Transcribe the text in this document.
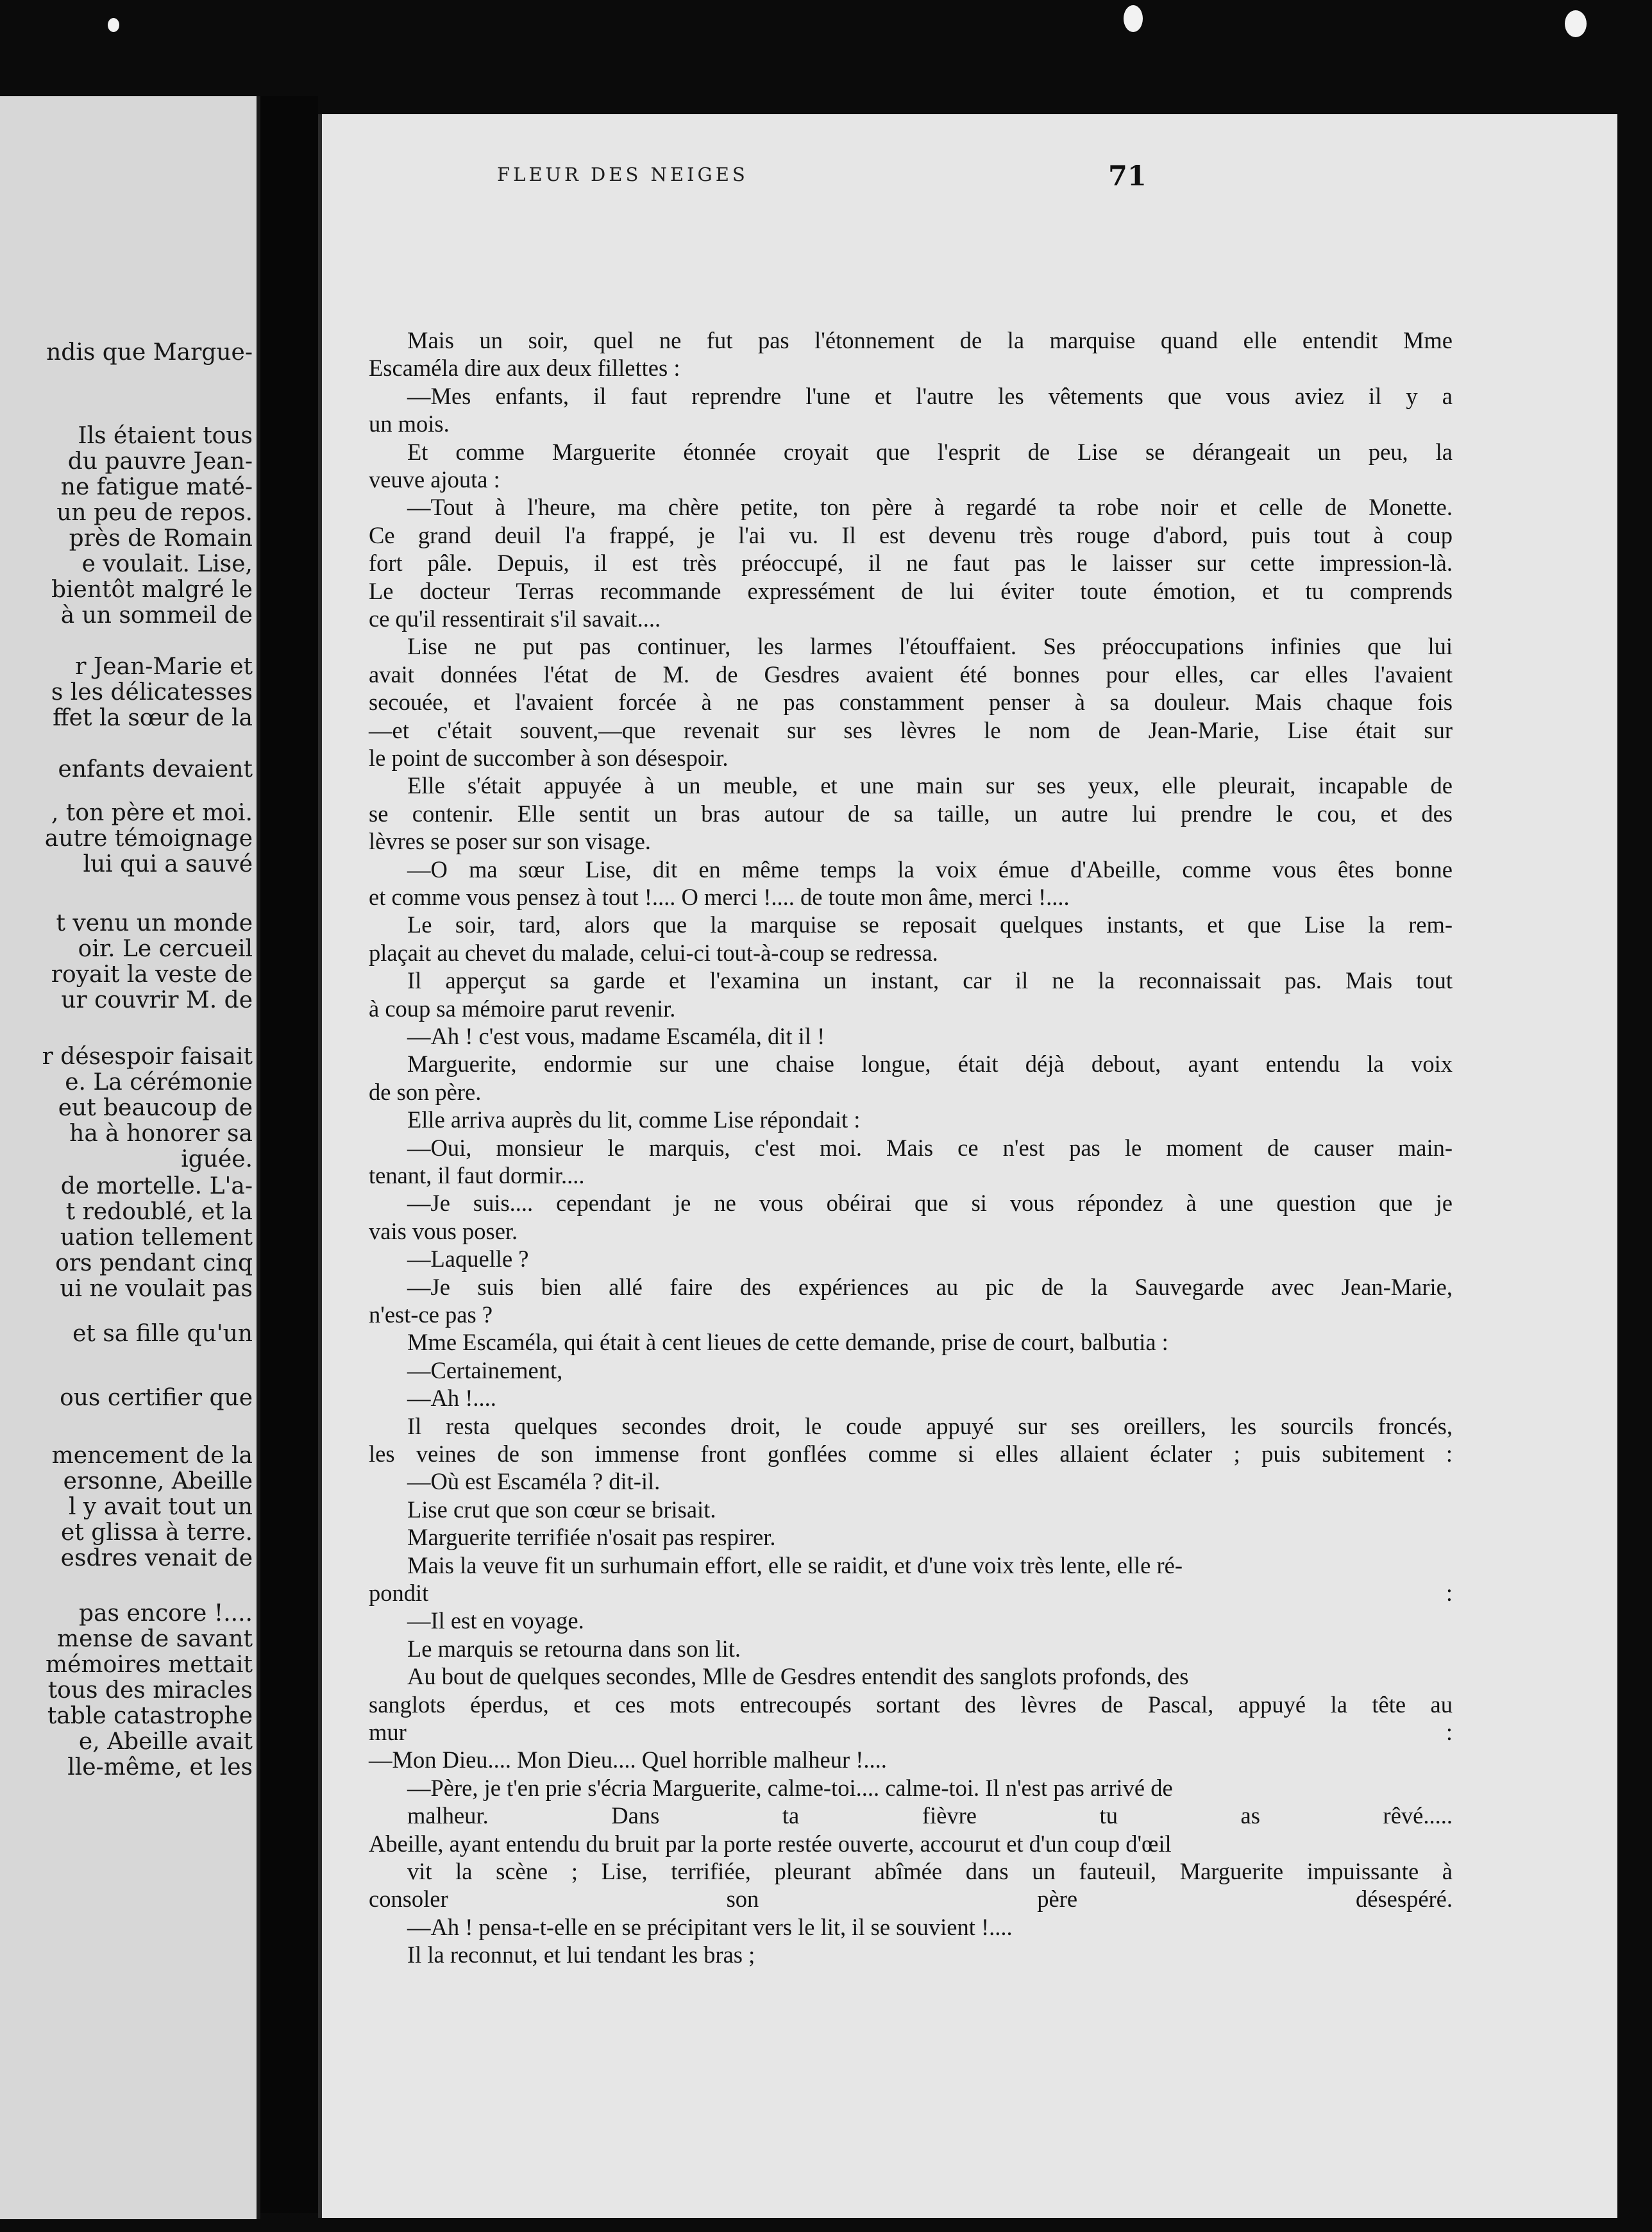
ndis que Margue-
Ils étaient tous
du pauvre Jean-
ne fatigue maté-
un peu de repos.
près de Romain
e voulait. Lise,
bientôt malgré le
à un sommeil de
r Jean-Marie et
s les délicatesses
ffet la sœur de la
enfants devaient
, ton père et moi.
autre témoignage
lui qui a sauvé
t venu un monde
oir. Le cercueil
royait la veste de
ur couvrir M. de
r désespoir faisait
e. La cérémonie
eut beaucoup de
ha à honorer sa
iguée.
de mortelle. L'a-
t redoublé, et la
uation tellement
ors pendant cinq
ui ne voulait pas
et sa fille qu'un
ous certifier que
mencement de la
ersonne, Abeille
l y avait tout un
et glissa à terre.
esdres venait de
pas encore !....
mense de savant
mémoires mettait
tous des miracles
table catastrophe
e, Abeille avait
lle-même, et les
FLEUR DES NEIGES	71
Mais un soir, quel ne fut pas l'étonnement de la marquise quand elle entendit Mme
Escaméla dire aux deux fillettes :
—Mes enfants, il faut reprendre l'une et l'autre les vêtements que vous aviez il y a
un mois.
Et comme Marguerite étonnée croyait que l'esprit de Lise se dérangeait un peu, la
veuve ajouta :
—Tout à l'heure, ma chère petite, ton père à regardé ta robe noir et celle de Monette.
Ce grand deuil l'a frappé, je l'ai vu. Il est devenu très rouge d'abord, puis tout à coup
fort pâle. Depuis, il est très préoccupé, il ne faut pas le laisser sur cette impression-là.
Le docteur Terras recommande expressément de lui éviter toute émotion, et tu comprends
ce qu'il ressentirait s'il savait....
Lise ne put pas continuer, les larmes l'étouffaient. Ses préoccupations infinies que lui
avait données l'état de M. de Gesdres avaient été bonnes pour elles, car elles l'avaient
secouée, et l'avaient forcée à ne pas constamment penser à sa douleur. Mais chaque fois
—et c'était souvent,—que revenait sur ses lèvres le nom de Jean-Marie, Lise était sur
le point de succomber à son désespoir.
Elle s'était appuyée à un meuble, et une main sur ses yeux, elle pleurait, incapable de
se contenir. Elle sentit un bras autour de sa taille, un autre lui prendre le cou, et des
lèvres se poser sur son visage.
—O ma sœur Lise, dit en même temps la voix émue d'Abeille, comme vous êtes bonne
et comme vous pensez à tout !.... O merci !.... de toute mon âme, merci !....
Le soir, tard, alors que la marquise se reposait quelques instants, et que Lise la rem-
plaçait au chevet du malade, celui-ci tout-à-coup se redressa.
Il apperçut sa garde et l'examina un instant, car il ne la reconnaissait pas. Mais tout
à coup sa mémoire parut revenir.
—Ah ! c'est vous, madame Escaméla, dit il !
Marguerite, endormie sur une chaise longue, était déjà debout, ayant entendu la voix
de son père.
Elle arriva auprès du lit, comme Lise répondait :
—Oui, monsieur le marquis, c'est moi. Mais ce n'est pas le moment de causer main-
tenant, il faut dormir....
—Je suis.... cependant je ne vous obéirai que si vous répondez à une question que je
vais vous poser.
—Laquelle ?
—Je suis bien allé faire des expériences au pic de la Sauvegarde avec Jean-Marie,
n'est-ce pas ?
Mme Escaméla, qui était à cent lieues de cette demande, prise de court, balbutia :
—Certainement,
—Ah !....
Il resta quelques secondes droit, le coude appuyé sur ses oreillers, les sourcils froncés,
les veines de son immense front gonflées comme si elles allaient éclater ; puis subitement :
—Où est Escaméla ? dit-il.
Lise crut que son cœur se brisait.
Marguerite terrifiée n'osait pas respirer.
Mais la veuve fit un surhumain effort, elle se raidit, et d'une voix très lente, elle ré-
pondit :
—Il est en voyage.
Le marquis se retourna dans son lit.
Au bout de quelques secondes, Mlle de Gesdres entendit des sanglots profonds, des
sanglots éperdus, et ces mots entrecoupés sortant des lèvres de Pascal, appuyé la tête au
mur :
—Mon Dieu.... Mon Dieu.... Quel horrible malheur !....
—Père, je t'en prie s'écria Marguerite, calme-toi.... calme-toi. Il n'est pas arrivé de
malheur. Dans ta fièvre tu as rêvé.....
Abeille, ayant entendu du bruit par la porte restée ouverte, accourut et d'un coup d'œil
vit la scène ; Lise, terrifiée, pleurant abîmée dans un fauteuil, Marguerite impuissante à
consoler son père désespéré.
—Ah ! pensa-t-elle en se précipitant vers le lit, il se souvient !....
Il la reconnut, et lui tendant les bras ;
